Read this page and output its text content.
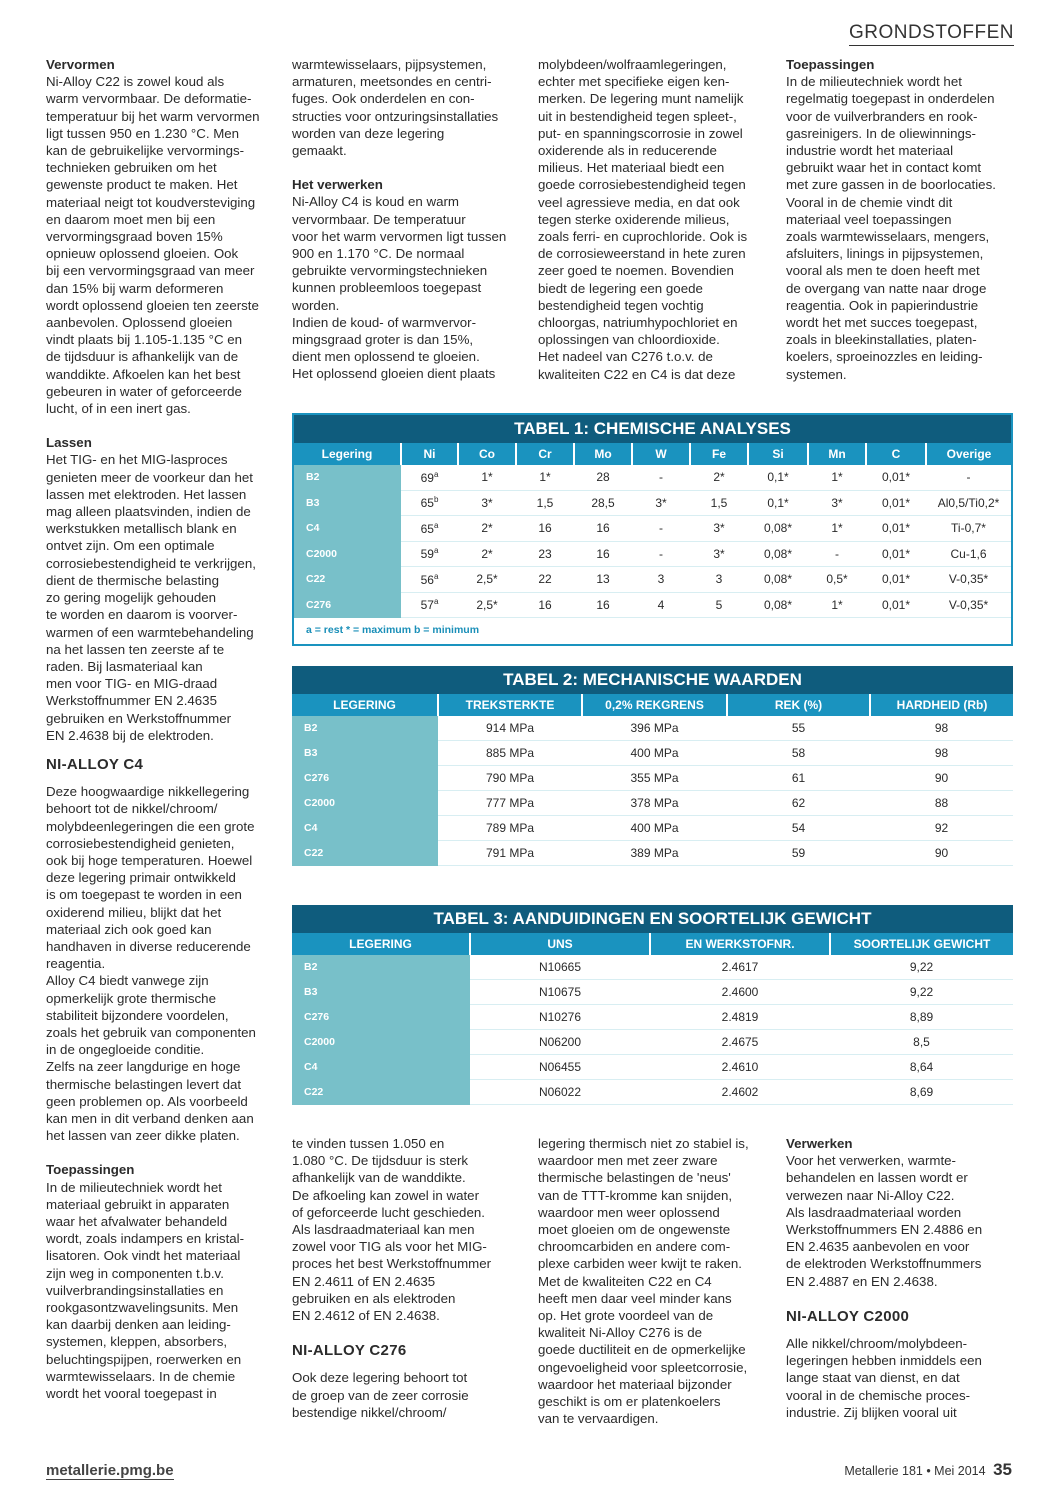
GRONDSTOFFEN
Vervormen

Ni-Alloy C22 is zowel koud als
warm vervormbaar. De deformatie-
temperatuur bij het warm vervormen
ligt tussen 950 en 1.230 °C. Men
kan de gebruikelijke vervormings-
technieken gebruiken om het
gewenste product te maken. Het
materiaal neigt tot koudversteviging
en daarom moet men bij een
vervormingsgraad boven 15%
opnieuw oplossend gloeien. Ook
bij een vervormingsgraad van meer
dan 15% bij warm deformeren
wordt oplossend gloeien ten zeerste
aanbevolen. Oplossend gloeien
vindt plaats bij 1.105-1.135 °C en
de tijdsduur is afhankelijk van de
wanddikte. Afkoelen kan het best
gebeuren in water of geforceerde
lucht, of in een inert gas.

Lassen

Het TIG- en het MIG-lasproces
genieten meer de voorkeur dan het
lassen met elektroden. Het lassen
mag alleen plaatsvinden, indien de
werkstukken metallisch blank en
ontvet zijn. Om een optimale
corrosiebestendigheid te verkrijgen,
dient de thermische belasting
zo gering mogelijk gehouden
te worden en daarom is voorver-
warmen of een warmtebehandeling
na het lassen ten zeerste af te
raden. Bij lasmateriaal kan
men voor TIG- en MIG-draad
Werkstoffnummer EN 2.4635
gebruiken en Werkstoffnummer
EN 2.4638 bij de elektroden.

NI-ALLOY C4

Deze hoogwaardige nikkellegering
behoort tot de nikkel/chroom/
molybdeenlegeringen die een grote
corrosiebestendigheid genieten,
ook bij hoge temperaturen. Hoewel
deze legering primair ontwikkeld
is om toegepast te worden in een
oxiderend milieu, blijkt dat het
materiaal zich ook goed kan
handhaven in diverse reducerende
reagentia.
Alloy C4 biedt vanwege zijn
opmerkelijk grote thermische
stabiliteit bijzondere voordelen,
zoals het gebruik van componenten
in de ongegloeide conditie.
Zelfs na zeer langdurige en hoge
thermische belastingen levert dat
geen problemen op. Als voorbeeld
kan men in dit verband denken aan
het lassen van zeer dikke platen.

Toepassingen

In de milieutechniek wordt het
materiaal gebruikt in apparaten
waar het afvalwater behandeld
wordt, zoals indampers en kristal-
lisatoren. Ook vindt het materiaal
zijn weg in componenten t.b.v.
vuilverbrandingsinstallaties en
rookgasontzwavelingsunits. Men
kan daarbij denken aan leiding-
systemen, kleppen, absorbers,
beluchtingspijpen, roerwerken en
warmtewisselaars. In de chemie
wordt het vooral toegepast in

warmtewisselaars, pijpsystemen,
armaturen, meetsondes en centri-
fuges. Ook onderdelen en con-
structies voor ontzuringsinstallaties
worden van deze legering
gemaakt.

Het verwerken

Ni-Alloy C4 is koud en warm
vervormbaar. De temperatuur
voor het warm vervormen ligt tussen
900 en 1.170 °C. De normaal
gebruikte vervormingstechnieken
kunnen probleemloos toegepast
worden.
Indien de koud- of warmvervor-
mingsgraad groter is dan 15%,
dient men oplossend te gloeien.
Het oplossend gloeien dient plaats

molybdeen/wolfraamlegeringen,
echter met specifieke eigen ken-
merken. De legering munt namelijk
uit in bestendigheid tegen spleet-,
put- en spanningscorrosie in zowel
oxiderende als in reducerende
milieus. Het materiaal biedt een
goede corrosiebestendigheid tegen
veel agressieve media, en dat ook
tegen sterke oxiderende milieus,
zoals ferri- en cuprochloride. Ook is
de corrosieweerstand in hete zuren
zeer goed te noemen. Bovendien
biedt de legering een goede
bestendigheid tegen vochtig
chloorgas, natriumhypochloriet en
oplossingen van chloordioxide.
Het nadeel van C276 t.o.v. de
kwaliteiten C22 en C4 is dat deze

Toepassingen

In de milieutechniek wordt het
regelmatig toegepast in onderdelen
voor de vuilverbranders en rook-
gasreinigers. In de oliewinnings-
industrie wordt het materiaal
gebruikt waar het in contact komt
met zure gassen in de boorlocaties.
Vooral in de chemie vindt dit
materiaal veel toepassingen
zoals warmtewisselaars, mengers,
afsluiters, linings in pijpsystemen,
vooral als men te doen heeft met
de overgang van natte naar droge
reagentia. Ook in papierindustrie
wordt het met succes toegepast,
zoals in bleekinstallaties, platen-
koelers, sproeinozzles en leiding-
systemen.

TABEL 1: CHEMISCHE ANALYSES
Legering	Ni	Co	Cr	Mo	W	Fe	Si	Mn	C	Overige
B2	69$^a$	1*	1*	28	-	2*	0,1*	1*	0,01*	-
B3	65$^b$	3*	1,5	28,5	3*	1,5	0,1*	3*	0,01*	Al0,5/Ti0,2*
C4	65$^a$	2*	16	16	-	3*	0,08*	1*	0,01*	Ti-0,7*
C2000	59$^a$	2*	23	16	-	3*	0,08*	-	0,01*	Cu-1,6
C22	56$^a$	2,5*	22	13	3	3	0,08*	0,5*	0,01*	V-0,35*
C276	57$^a$	2,5*	16	16	4	5	0,08*	1*	0,01*	V-0,35*
a = rest * = maximum b = minimum
TABEL 2: MECHANISCHE WAARDEN
LEGERING	TREKSTERKTE	0,2% REKGRENS	REK (%)	HARDHEID (Rb)
B2	914 MPa	396 MPa	55	98
B3	885 MPa	400 MPa	58	98
C276	790 MPa	355 MPa	61	90
C2000	777 MPa	378 MPa	62	88
C4	789 MPa	400 MPa	54	92
C22	791 MPa	389 MPa	59	90
TABEL 3: AANDUIDINGEN EN SOORTELIJK GEWICHT
LEGERING	UNS	EN WERKSTOFNR.	SOORTELIJK GEWICHT
B2	N10665	2.4617	9,22
B3	N10675	2.4600	9,22
C276	N10276	2.4819	8,89
C2000	N06200	2.4675	8,5
C4	N06455	2.4610	8,64
C22	N06022	2.4602	8,69

te vinden tussen 1.050 en
1.080 °C. De tijdsduur is sterk
afhankelijk van de wanddikte.
De afkoeling kan zowel in water
of geforceerde lucht geschieden.
Als lasdraadmateriaal kan men
zowel voor TIG als voor het MIG-
proces het best Werkstoffnummer
EN 2.4611 of EN 2.4635
gebruiken en als elektroden
EN 2.4612 of EN 2.4638.

NI-ALLOY C276

Ook deze legering behoort tot
de groep van de zeer corrosie
bestendige nikkel/chroom/

legering thermisch niet zo stabiel is,
waardoor men met zeer zware
thermische belastingen de 'neus'
van de TTT-kromme kan snijden,
waardoor men weer oplossend
moet gloeien om de ongewenste
chroomcarbiden en andere com-
plexe carbiden weer kwijt te raken.
Met de kwaliteiten C22 en C4
heeft men daar veel minder kans
op. Het grote voordeel van de
kwaliteit Ni-Alloy C276 is de
goede ductiliteit en de opmerkelijke
ongevoeligheid voor spleetcorrosie,
waardoor het materiaal bijzonder
geschikt is om er platenkoelers
van te vervaardigen.

Verwerken

Voor het verwerken, warmte-
behandelen en lassen wordt er
verwezen naar Ni-Alloy C22.
Als lasdraadmateriaal worden
Werkstoffnummers EN 2.4886 en
EN 2.4635 aanbevolen en voor
de elektroden Werkstoffnummers
EN 2.4887 en EN 2.4638.

NI-ALLOY C2000

Alle nikkel/chroom/molybdeen-
legeringen hebben inmiddels een
lange staat van dienst, en dat
vooral in de chemische proces-
industrie. Zij blijken vooral uit

metallerie.pmg.be	Metallerie 181 • Mei 2014 35
